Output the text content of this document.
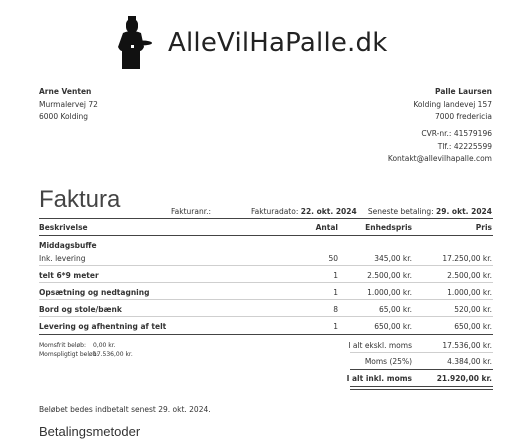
AlleVilHaPalle.dk
Arne Venten
Murmalervej 72
6000 Kolding
Palle Laursen
Kolding landevej 157
7000 fredericia
CVR-nr.: 41579196
Tlf.: 42225599
Kontakt@allevilhapalle.com
Faktura	Fakturanr.:	Fakturadato: 22. okt. 2024 Seneste betaling: 29. okt. 2024
Beskrivelse	Antal	Enhedspris	Pris
Middagsbuffe
Ink. levering	50	345,00 kr.	17.250,00 kr.
telt 6*9 meter	1	2.500,00 kr.	2.500,00 kr.
Opsætning og nedtagning	1	1.000,00 kr.	1.000,00 kr.
Bord og stole/bænk	8	65,00 kr.	520,00 kr.
Levering og afhentning af telt	1	650,00 kr.	650,00 kr.
Momsfrit beløb: 0,00 kr.
Momspligtigt beløb:
17.536,00 kr.
I alt ekskl. moms	17.536,00 kr.
Moms (25%)	4.384,00 kr.
I alt inkl. moms	21.920,00 kr.
Beløbet bedes indbetalt senest 29. okt. 2024.
Betalingsmetoder
